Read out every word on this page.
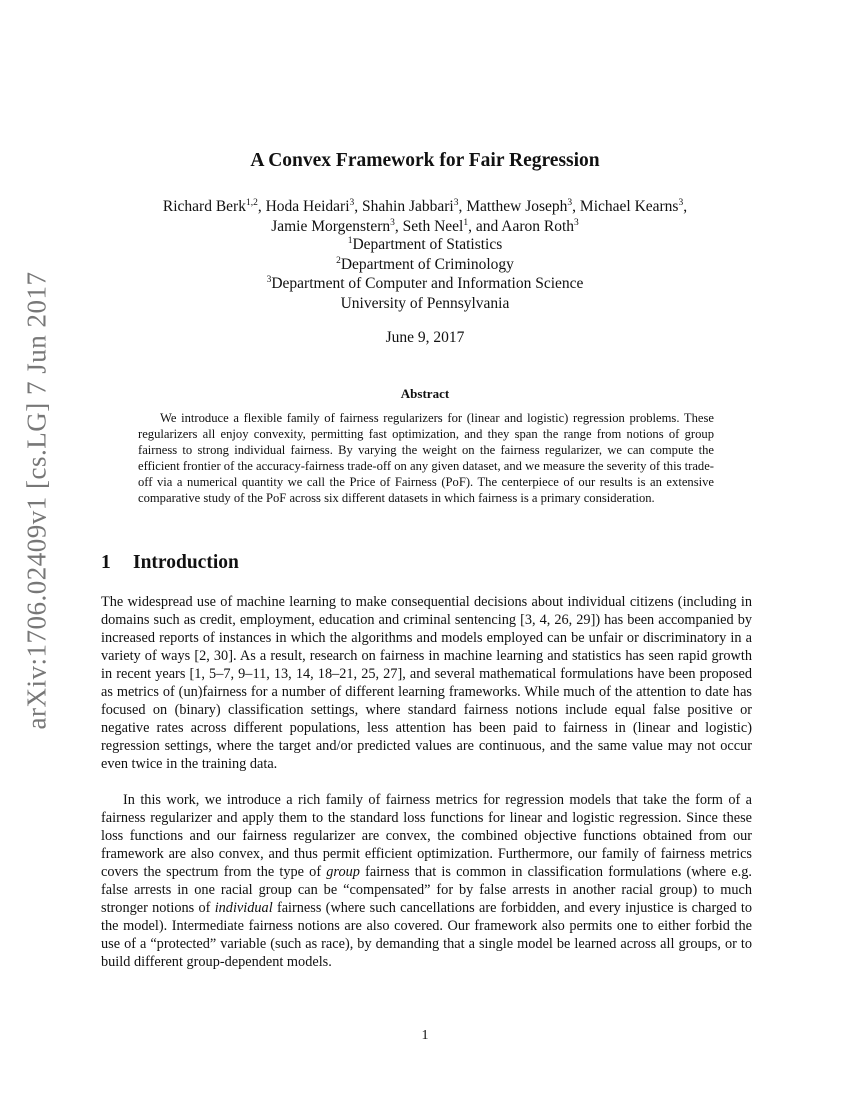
arXiv:1706.02409v1 [cs.LG] 7 Jun 2017
A Convex Framework for Fair Regression
Richard Berk$^{1,2}$, Hoda Heidari$^3$, Shahin Jabbari$^3$, Matthew Joseph$^3$, Michael Kearns$^3$,
Jamie Morgenstern$^3$, Seth Neel$^1$, and Aaron Roth$^3$
$^1$Department of Statistics
$^2$Department of Criminology
$^3$Department of Computer and Information Science
University of Pennsylvania
June 9, 2017
Abstract
We introduce a flexible family of fairness regularizers for (linear and logistic) regression problems. These regularizers all enjoy convexity, permitting fast optimization, and they span the range from notions of group fairness to strong individual fairness. By varying the weight on the fairness regularizer, we can compute the efficient frontier of the accuracy-fairness trade-off on any given dataset, and we measure the severity of this trade-off via a numerical quantity we call the Price of Fairness (PoF). The centerpiece of our results is an extensive comparative study of the PoF across six different datasets in which fairness is a primary consideration.
1 Introduction

The widespread use of machine learning to make consequential decisions about individual citizens (including in domains such as credit, employment, education and criminal sentencing [3, 4, 26, 29]) has been accompanied by increased reports of instances in which the algorithms and models employed can be unfair or discriminatory in a variety of ways [2, 30]. As a result, research on fairness in machine learning and statistics has seen rapid growth in recent years [1, 5–7, 9–11, 13, 14, 18–21, 25, 27], and several mathematical formulations have been proposed as metrics of (un)fairness for a number of different learning frameworks. While much of the attention to date has focused on (binary) classification settings, where standard fairness notions include equal false positive or negative rates across different populations, less attention has been paid to fairness in (linear and logistic) regression settings, where the target and/or predicted values are continuous, and the same value may not occur even twice in the training data.

In this work, we introduce a rich family of fairness metrics for regression models that take the form of a fairness regularizer and apply them to the standard loss functions for linear and logistic regression. Since these loss functions and our fairness regularizer are convex, the combined objective functions obtained from our framework are also convex, and thus permit efficient optimization. Furthermore, our family of fairness metrics covers the spectrum from the type of group fairness that is common in classification formulations (where e.g. false arrests in one racial group can be “compensated” for by false arrests in another racial group) to much stronger notions of individual fairness (where such cancellations are forbidden, and every injustice is charged to the model). Intermediate fairness notions are also covered. Our framework also permits one to either forbid the use of a “protected” variable (such as race), by demanding that a single model be learned across all groups, or to build different group-dependent models.

1
